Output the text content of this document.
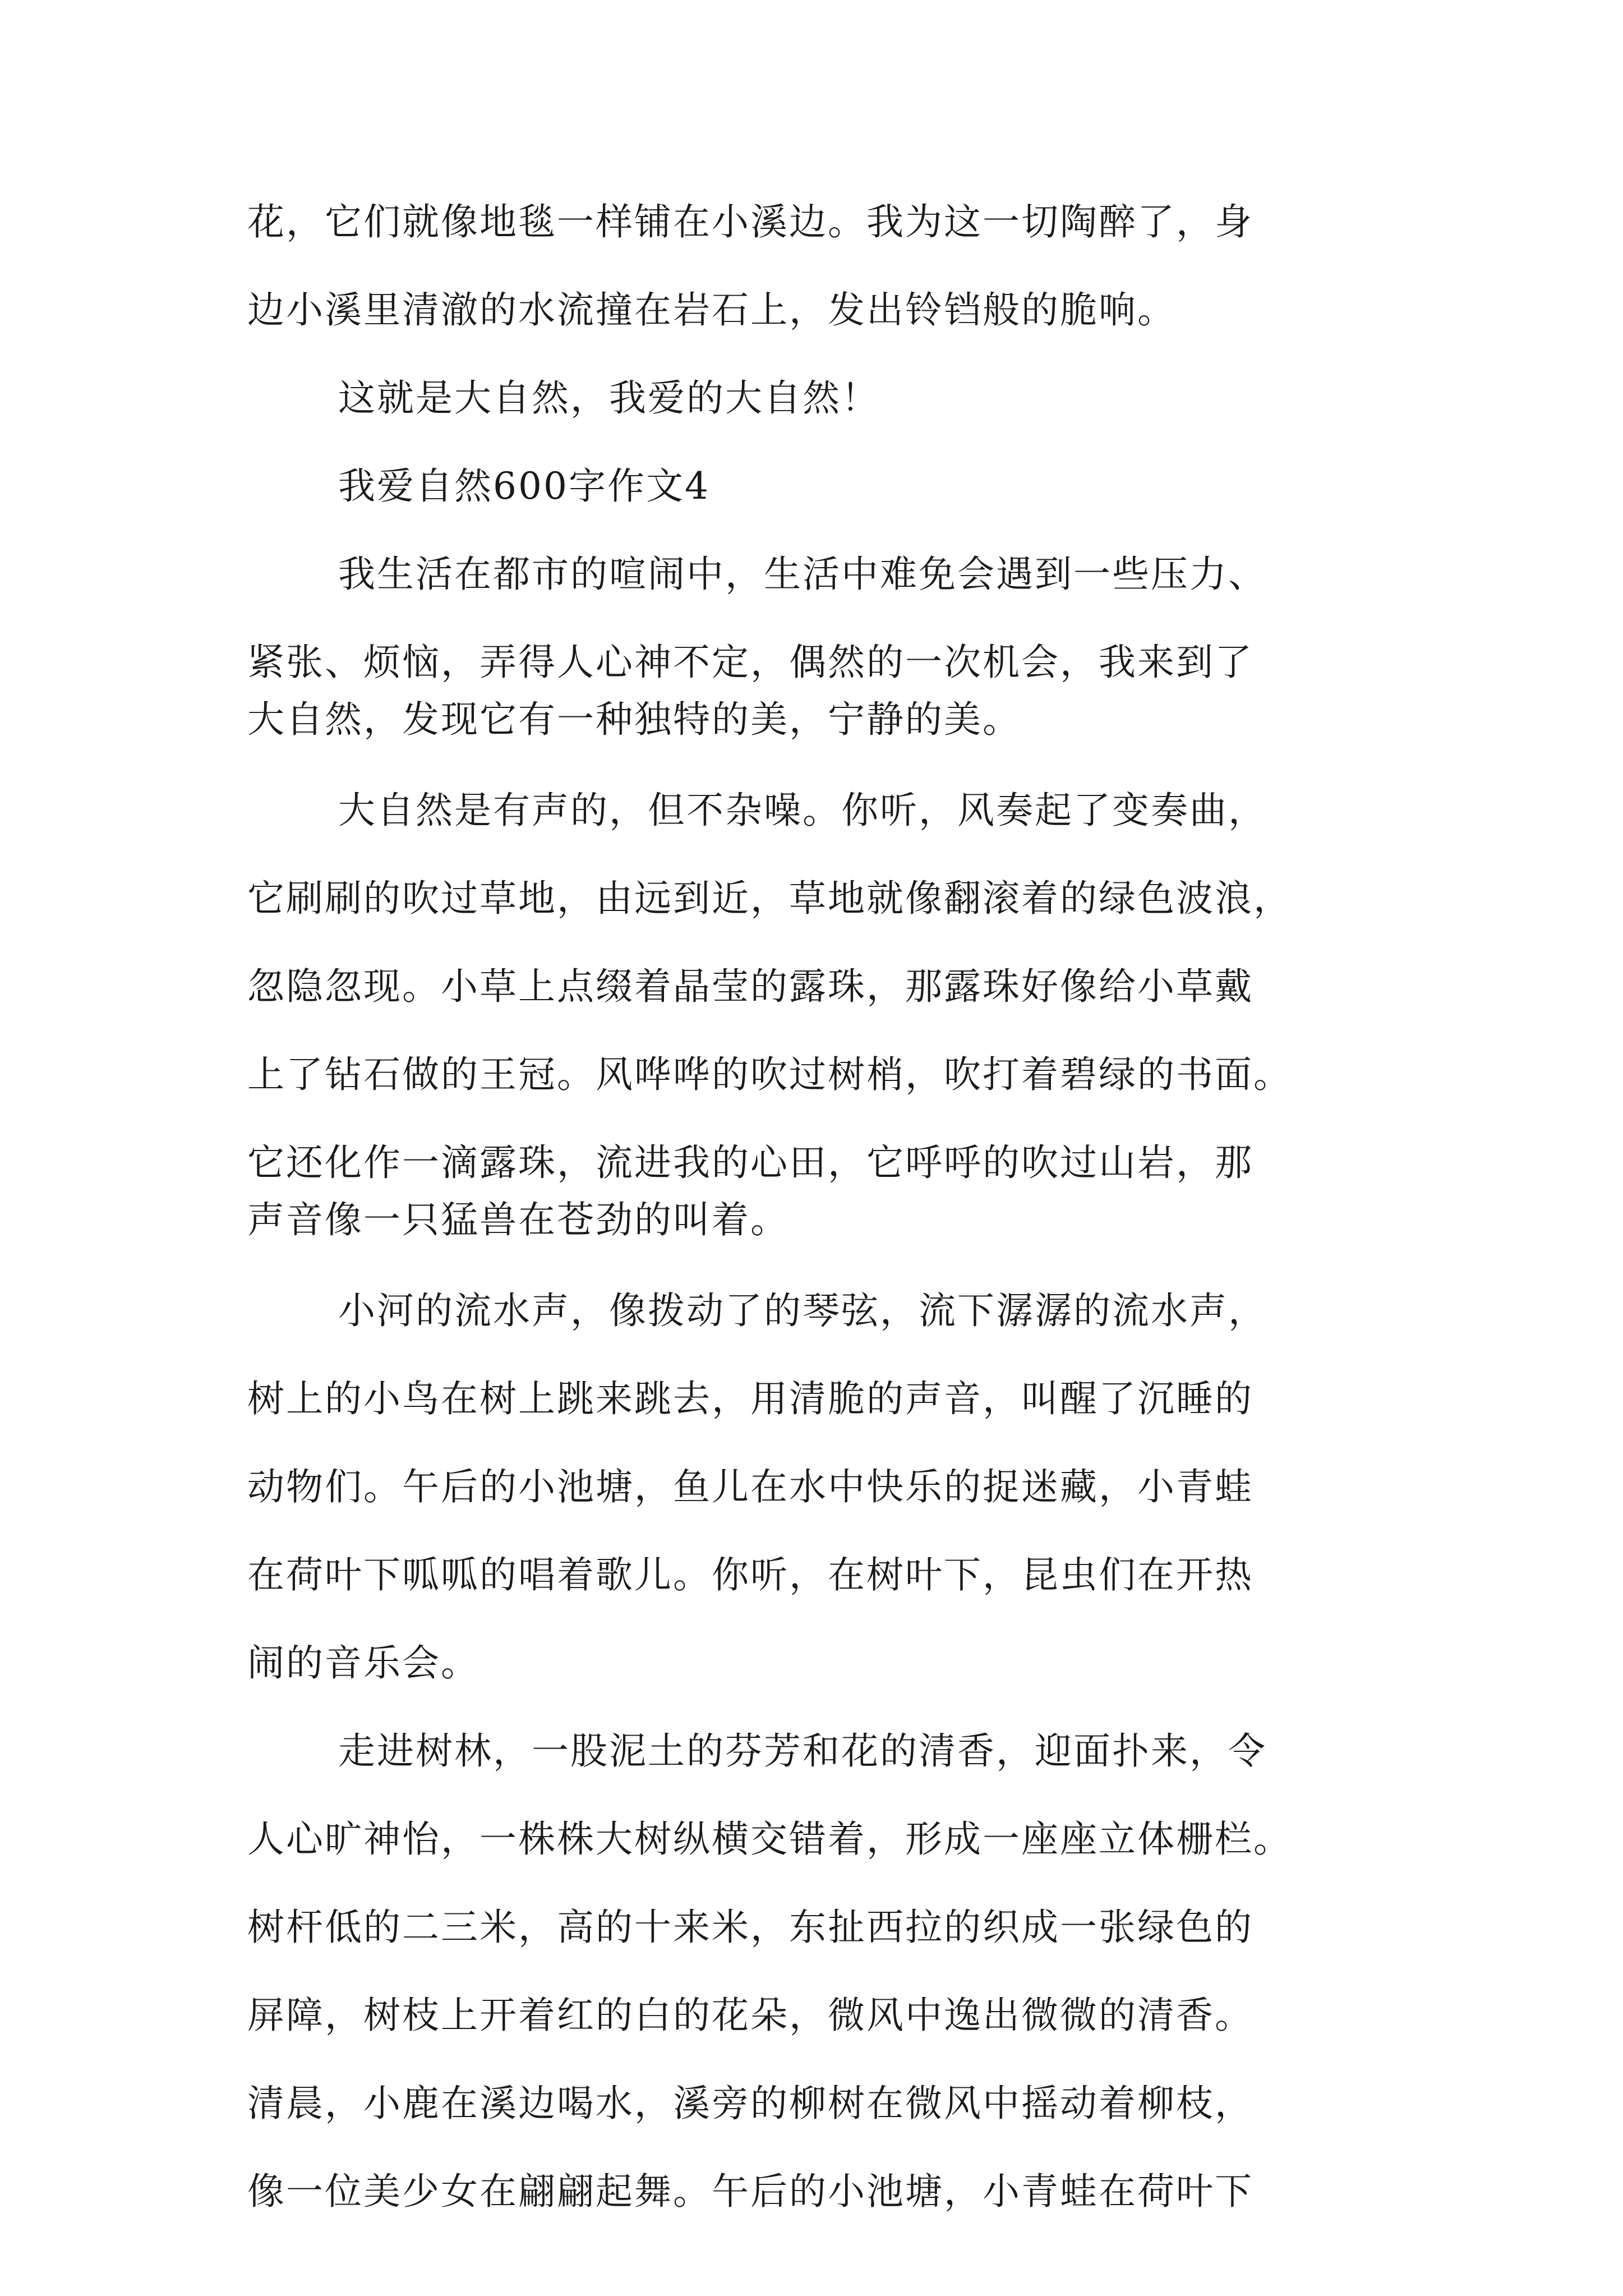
花，它们就像地毯一样铺在小溪边。我为这一切陶醉了，身
边小溪里清澈的水流撞在岩石上，发出铃铛般的脆响。
这就是大自然，我爱的大自然！
我爱自然600字作文4
我生活在都市的喧闹中，生活中难免会遇到一些压力、
紧张、烦恼，弄得人心神不定，偶然的一次机会，我来到了
大自然，发现它有一种独特的美，宁静的美。
大自然是有声的，但不杂噪。你听，风奏起了变奏曲，
它刷刷的吹过草地，由远到近，草地就像翻滚着的绿色波浪，
忽隐忽现。小草上点缀着晶莹的露珠，那露珠好像给小草戴
上了钻石做的王冠。风哗哗的吹过树梢，吹打着碧绿的书面。
它还化作一滴露珠，流进我的心田，它呼呼的吹过山岩，那
声音像一只猛兽在苍劲的叫着。
小河的流水声，像拨动了的琴弦，流下潺潺的流水声，
树上的小鸟在树上跳来跳去，用清脆的声音，叫醒了沉睡的
动物们。午后的小池塘，鱼儿在水中快乐的捉迷藏，小青蛙
在荷叶下呱呱的唱着歌儿。你听，在树叶下，昆虫们在开热
闹的音乐会。
走进树林，一股泥土的芬芳和花的清香，迎面扑来，令
人心旷神怡，一株株大树纵横交错着，形成一座座立体栅栏。
树杆低的二三米，高的十来米，东扯西拉的织成一张绿色的
屏障，树枝上开着红的白的花朵，微风中逸出微微的清香。
清晨，小鹿在溪边喝水，溪旁的柳树在微风中摇动着柳枝，
像一位美少女在翩翩起舞。午后的小池塘，小青蛙在荷叶下
